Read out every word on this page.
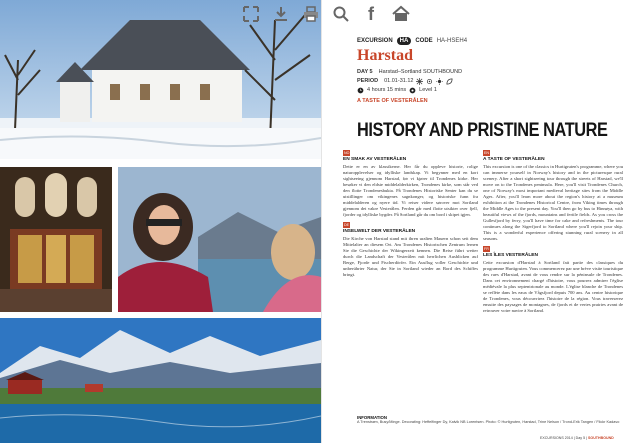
f
EXCURSION	HA	CODE HA-HSEH4
Harstad
DAY 5 Harstad–Sortland SOUTHBOUND
PERIOD 01.01-31.12
4 hours 15 mins Level 1
A TASTE OF VESTERÅLEN
HISTORY AND PRISTINE NATURE
NO
EN SMAK AV VESTERÅLEN

Dette er en av klassikerne. Her får du oppleve historie, rolige naturopplevelser og idylliske landskap. Vi begynner med en kort sightseeing gjennom Harstad, før vi kjører til Trondenes kirke. Her besøker vi den eldste middelalderkirken, Trondenes kirke, som står ved den flotte Trondenesbukta. På Trondenes Historiske Senter kan du se utstillinger om vikingenes sagnkonger, og historiske funn fra middelalderen og nyere tid. Vi reiser videre sørover mot Sortland gjennom det vakre Vesterålen. Ferden går med flotte utsikter over fjell, fjorder og idylliske bygder. På Sortland går du om bord i skipet igjen.

DE
INSELWELT DER VESTERÅLEN

Die Kirche von Harstad stand mit ihren uralten Mauern schon seit dem Mittelalter an diesem Ort. Am Trondenes Historischen Zentrum lernen Sie die Geschichte der Wikingerzeit kennen. Die Reise führt weiter durch die Landschaft der Vesterålen mit herrlichen Ausblicken auf Berge, Fjorde und Fischerdörfer. Ein Ausflug voller Geschichte und unberührter Natur, der Sie in Sortland wieder an Bord des Schiffes bringt.

EN
A TASTE OF VESTERÅLEN

This excursion is one of the classics in Hurtigruten's programme, where you can immerse yourself in Norway's history and in the picturesque rural scenery. After a short sightseeing tour through the streets of Harstad, we'll move on to the Trondenes peninsula. Here, you'll visit Trondenes Church, one of Norway's most important medieval heritage sites from the Middle Ages. After, you'll learn more about the region's history at a museum exhibition at the Trondenes Historical Centre, from Viking times through the Middle Ages to the present day. You'll then go by bus to Hinnøya, with beautiful views of the fjords, mountains and fertile fields. As you cross the Gullesfjord by ferry, you'll have time for cake and refreshments. The tour continues along the Sigerfjord to Sortland where you'll rejoin your ship. This is a wonderful experience offering stunning rural scenery in all seasons.

FR
LES ÎLES VESTERÅLEN

Cette excursion d'Harstad à Sortland fait partie des classiques du programme Hurtigruten. Vous commencerez par une brève visite touristique des rues d'Harstad, avant de vous rendre sur la péninsule de Trondenes. Dans cet environnement chargé d'histoire, vous pourrez admirer l'église médiévale la plus septentrionale au monde. L'église blanche de Trondenes se reflète dans les eaux de Vågsfjord depuis 700 ans. Au centre historique de Trondenes, vous découvrirez l'histoire de la région. Vous traverserez ensuite des paysages de montagnes, de fjords et de vertes prairies avant de retrouver votre navire à Sortland.

INFORMATION
A Trenstrøm, Busy/Minge. Decorating: Heffelfinger Dy, Kalvik NB Lorentsen. Photo: © Hurtigruten, Harstad, Trine Nelson / Trond-Erik Tangen / Flickr Kadavo
EXCURSIONS 2014 | Day 5 | SOUTHBOUND
